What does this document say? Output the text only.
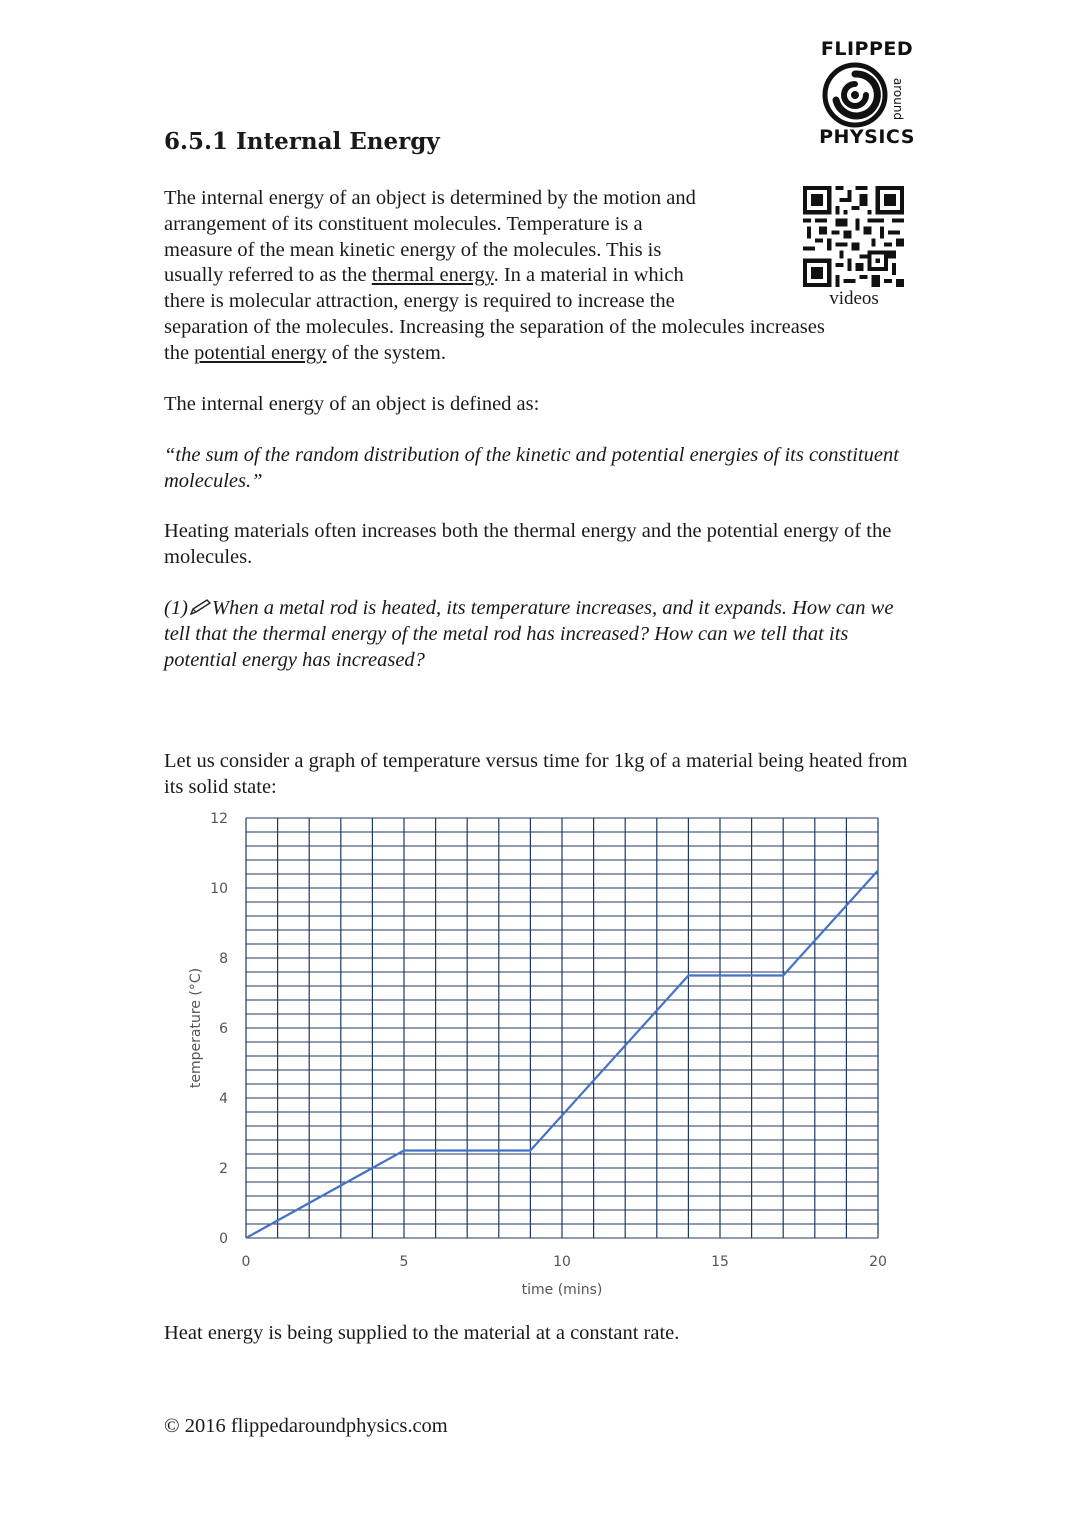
FLIPPED
around
PHYSICS
6.5.1 Internal Energy
videos

The internal energy of an object is determined by the motion and
arrangement of its constituent molecules. Temperature is a
measure of the mean kinetic energy of the molecules. This is
usually referred to as the thermal energy. In a material in which
there is molecular attraction, energy is required to increase the
separation of the molecules. Increasing the separation of the molecules increases
the potential energy of the system.

The internal energy of an object is defined as:

“the sum of the random distribution of the kinetic and potential energies of its constituent molecules.”

Heating materials often increases both the thermal energy and the potential energy of the molecules.

(1) When a metal rod is heated, its temperature increases, and it expands. How can we tell that the thermal energy of the metal rod has increased? How can we tell that its potential energy has increased?

Let us consider a graph of temperature versus time for 1kg of a material being heated from its solid state:

0
2
4
6
8
10
12
0	5	10	15	20
time (mins)
temperature (°C)

Heat energy is being supplied to the material at a constant rate.

© 2016 flippedaroundphysics.com
